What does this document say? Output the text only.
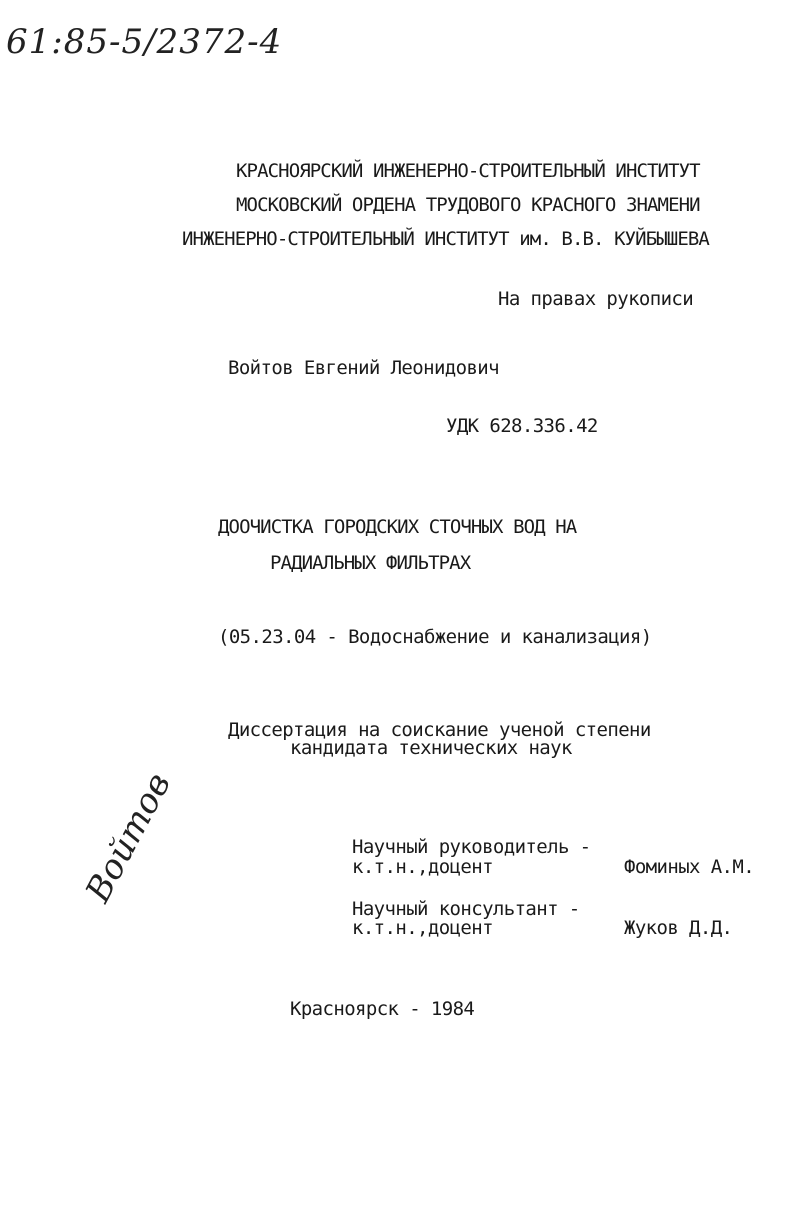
61:85-5/2372-4
КРАСНОЯРСКИЙ ИНЖЕНЕРНО-СТРОИТЕЛЬНЫЙ ИНСТИТУТ
МОСКОВСКИЙ ОРДЕНА ТРУДОВОГО КРАСНОГО ЗНАМЕНИ
ИНЖЕНЕРНО-СТРОИТЕЛЬНЫЙ ИНСТИТУТ им. В.В. КУЙБЫШЕВА
На правах рукописи
Войтов Евгений Леонидович
УДК 628.336.42
ДООЧИСТКА ГОРОДСКИХ СТОЧНЫХ ВОД НА
РАДИАЛЬНЫХ ФИЛЬТРАХ
(05.23.04 - Водоснабжение и канализация)
Диссертация на соискание ученой степени
кандидата технических наук
Научный руководитель -
к.т.н.,доцент	Фоминых А.М.
Научный консультант -
к.т.н.,доцент	Жуков Д.Д.
Войтов
Красноярск - 1984
